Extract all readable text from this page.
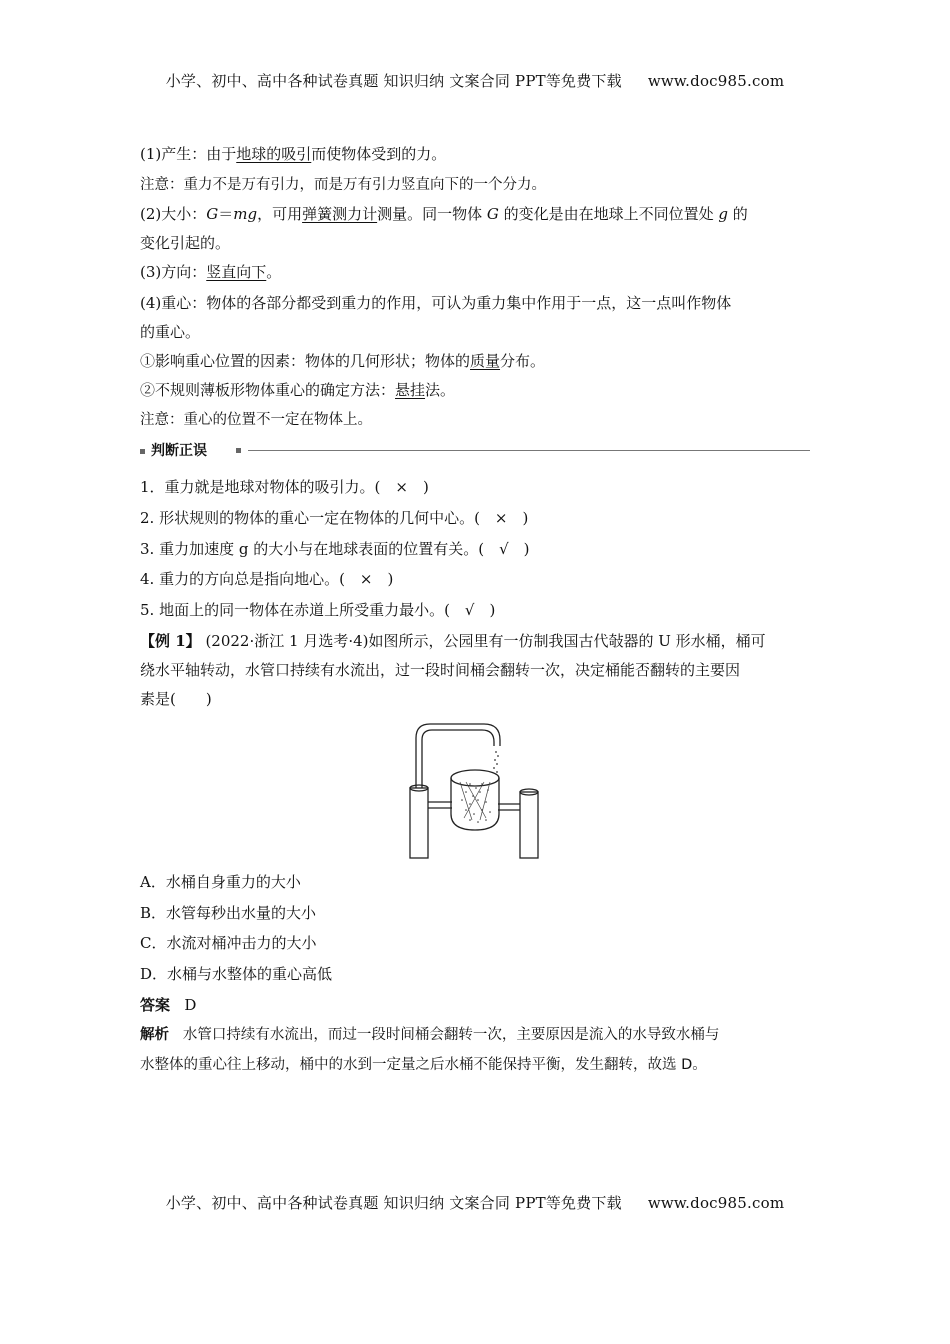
小学、初中、高中各种试卷真题 知识归纳 文案合同 PPT等免费下载 www.doc985.com
(1)产生：由于地球的吸引而使物体受到的力。
注意：重力不是万有引力，而是万有引力竖直向下的一个分力。
(2)大小：G＝mg，可用弹簧测力计测量。同一物体 G 的变化是由在地球上不同位置处 g 的
变化引起的。
(3)方向：竖直向下。
(4)重心：物体的各部分都受到重力的作用，可认为重力集中作用于一点，这一点叫作物体
的重心。
①影响重心位置的因素：物体的几何形状；物体的质量分布。
②不规则薄板形物体重心的确定方法：悬挂法。
注意：重心的位置不一定在物体上。
判断正误
1．重力就是地球对物体的吸引力。(　×　)
2. 形状规则的物体的重心一定在物体的几何中心。(　×　)
3. 重力加速度 g 的大小与在地球表面的位置有关。(　√　)
4. 重力的方向总是指向地心。(　×　)
5. 地面上的同一物体在赤道上所受重力最小。(　√　)
【例 1】 (2022·浙江 1 月选考·4)如图所示，公园里有一仿制我国古代敧器的 U 形水桶，桶可
绕水平轴转动，水管口持续有水流出，过一段时间桶会翻转一次，决定桶能否翻转的主要因
素是(　　)
A．水桶自身重力的大小
B．水管每秒出水量的大小
C．水流对桶冲击力的大小
D．水桶与水整体的重心高低
答案 D
解析 水管口持续有水流出，而过一段时间桶会翻转一次，主要原因是流入的水导致水桶与
水整体的重心往上移动，桶中的水到一定量之后水桶不能保持平衡，发生翻转，故选 D。
小学、初中、高中各种试卷真题 知识归纳 文案合同 PPT等免费下载 www.doc985.com
